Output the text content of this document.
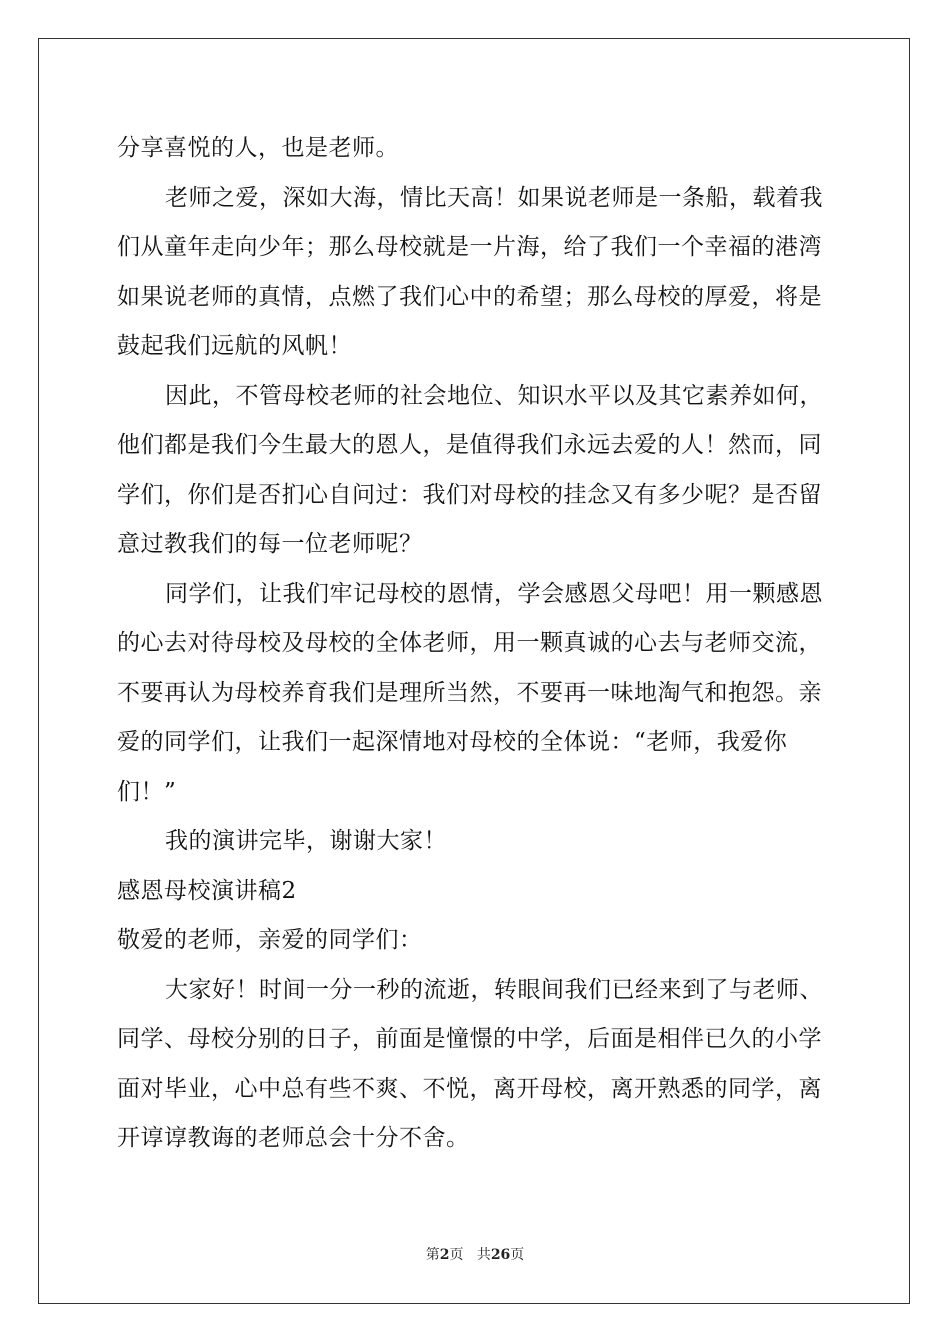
分享喜悦的人，也是老师。
老师之爱，深如大海，情比天高！如果说老师是一条船，载着我
们从童年走向少年；那么母校就是一片海，给了我们一个幸福的港湾
如果说老师的真情，点燃了我们心中的希望；那么母校的厚爱，将是
鼓起我们远航的风帆！
因此，不管母校老师的社会地位、知识水平以及其它素养如何，
他们都是我们今生最大的恩人，是值得我们永远去爱的人！然而，同
学们，你们是否扪心自问过：我们对母校的挂念又有多少呢？是否留
意过教我们的每一位老师呢？
同学们，让我们牢记母校的恩情，学会感恩父母吧！用一颗感恩
的心去对待母校及母校的全体老师，用一颗真诚的心去与老师交流，
不要再认为母校养育我们是理所当然，不要再一味地淘气和抱怨。亲
爱的同学们，让我们一起深情地对母校的全体说：“老师，我爱你
们！”
我的演讲完毕，谢谢大家！
感恩母校演讲稿2
敬爱的老师，亲爱的同学们：
大家好！时间一分一秒的流逝，转眼间我们已经来到了与老师、
同学、母校分别的日子，前面是憧憬的中学，后面是相伴已久的小学
面对毕业，心中总有些不爽、不悦，离开母校，离开熟悉的同学，离
开谆谆教诲的老师总会十分不舍。
第2页 共26页
